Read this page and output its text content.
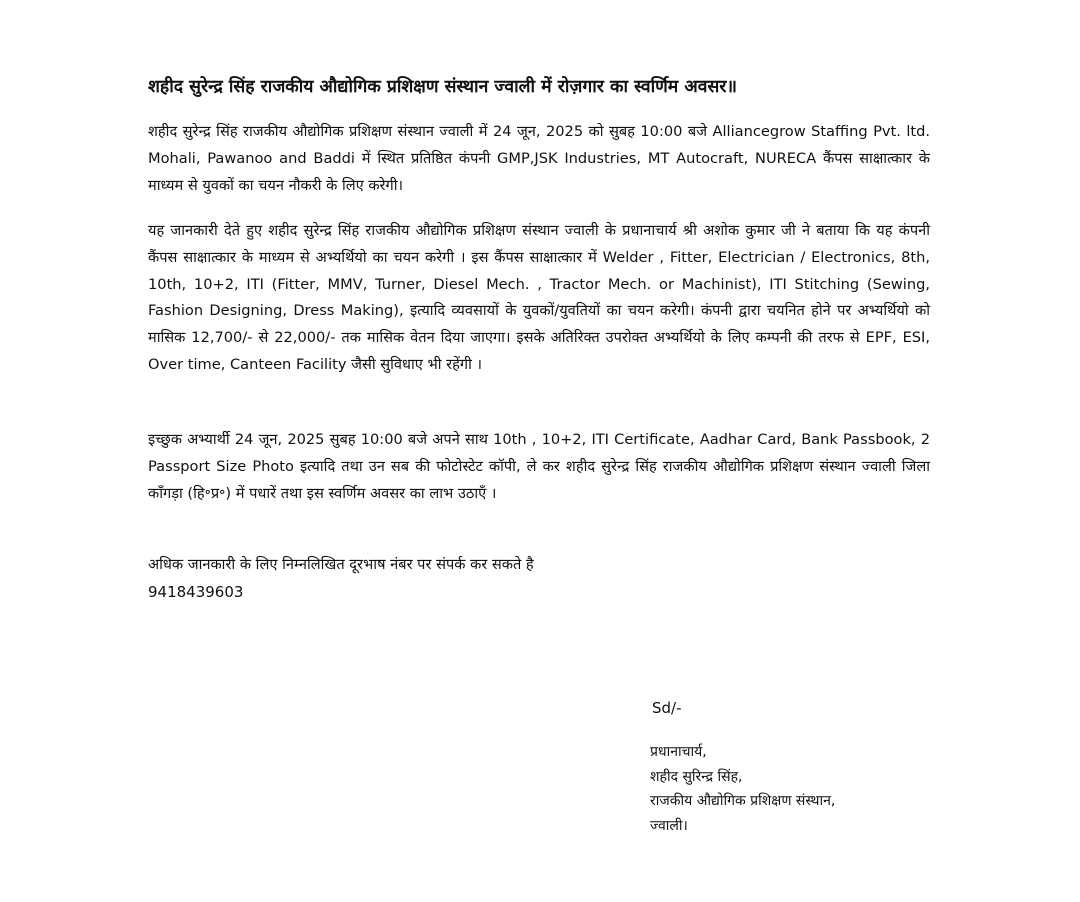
शहीद सुरेन्द्र सिंह राजकीय औद्योगिक प्रशिक्षण संस्थान ज्वाली में रोज़गार का स्वर्णिम अवसर॥

शहीद सुरेन्द्र सिंह राजकीय औद्योगिक प्रशिक्षण संस्थान ज्वाली में 24 जून, 2025 को सुबह 10:00 बजे Alliancegrow Staffing Pvt. ltd. Mohali, Pawanoo and Baddi में स्थित प्रतिष्ठित कंपनी GMP,JSK Industries, MT Autocraft, NURECA कैंपस साक्षात्कार के माध्यम से युवकों का चयन नौकरी के लिए करेगी।

यह जानकारी देते हुए शहीद सुरेन्द्र सिंह राजकीय औद्योगिक प्रशिक्षण संस्थान ज्वाली के प्रधानाचार्य श्री अशोक कुमार जी ने बताया कि यह कंपनी कैंपस साक्षात्कार के माध्यम से अभ्यर्थियो का चयन करेगी । इस कैंपस साक्षात्कार में Welder , Fitter, Electrician / Electronics, 8th, 10th, 10+2, ITI (Fitter, MMV, Turner, Diesel Mech. , Tractor Mech. or Machinist), ITI Stitching (Sewing, Fashion Designing, Dress Making), इत्यादि व्यवसायों के युवकों/युवतियों का चयन करेगी। कंपनी द्वारा चयनित होने पर अभ्यर्थियो को मासिक 12,700/- से 22,000/- तक मासिक वेतन दिया जाएगा। इसके अतिरिक्त उपरोक्त अभ्यर्थियो के लिए कम्पनी की तरफ से EPF, ESI, Over time, Canteen Facility जैसी सुविधाए भी रहेंगी ।

इच्छुक अभ्यार्थी 24 जून, 2025 सुबह 10:00 बजे अपने साथ 10th , 10+2, ITI Certificate, Aadhar Card, Bank Passbook, 2 Passport Size Photo इत्यादि तथा उन सब की फोटोस्टेट कॉपी, ले कर शहीद सुरेन्द्र सिंह राजकीय औद्योगिक प्रशिक्षण संस्थान ज्वाली जिला कॉंगड़ा (हि॰प्र॰) में पधारें तथा इस स्वर्णिम अवसर का लाभ उठाएँ ।

अधिक जानकारी के लिए निम्नलिखित दूरभाष नंबर पर संपर्क कर सकते है

9418439603
Sd/-
प्रधानाचार्य,
शहीद सुरिन्द्र सिंह,
राजकीय औद्योगिक प्रशिक्षण संस्थान,
ज्वाली।
